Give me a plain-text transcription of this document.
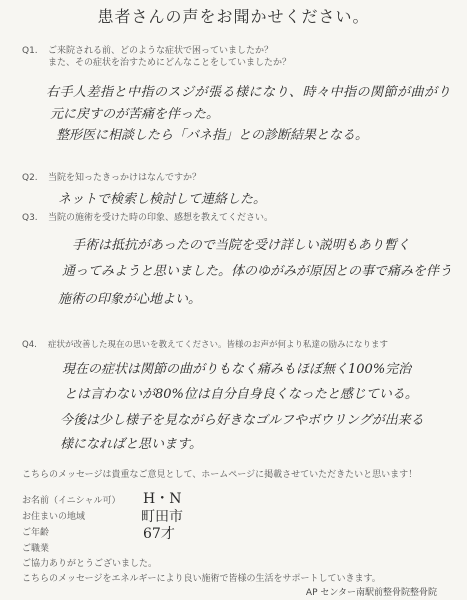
患者さんの声をお聞かせください。
Q1. ご来院される前、どのような症状で困っていましたか？
また、その症状を治すためにどんなことをしていましたか？
右手人差指と中指のスジが張る様になり、時々中指の関節が曲がり
元に戻すのが苦痛を伴った。
整形医に相談したら「バネ指」との診断結果となる。
Q2. 当院を知ったきっかけはなんですか？
ネットで検索し検討して連絡した。
Q3. 当院の施術を受けた時の印象、感想を教えてください。
手術は抵抗があったので当院を受け詳しい説明もあり暫く
通ってみようと思いました。体のゆがみが原因との事で痛みを伴う
施術の印象が心地よい。
Q4. 症状が改善した現在の思いを教えてください。皆様のお声が何より私達の励みになります
現在の症状は関節の曲がりもなく痛みもほぼ無く100%完治
とは言わないが80%位は自分自身良くなったと感じている。
今後は少し様子を見ながら好きなゴルフやボウリングが出来る
様になればと思います。
こちらのメッセージは貴重なご意見として、ホームページに掲載させていただきたいと思います！
お名前（イニシャル可） H・N
お住まいの地域	町田市
ご年齢	67才
ご職業
ご協力ありがとうございました。
こちらのメッセージをエネルギーにより良い施術で皆様の生活をサポートしていきます。
AP センター南駅前整骨院整骨院
